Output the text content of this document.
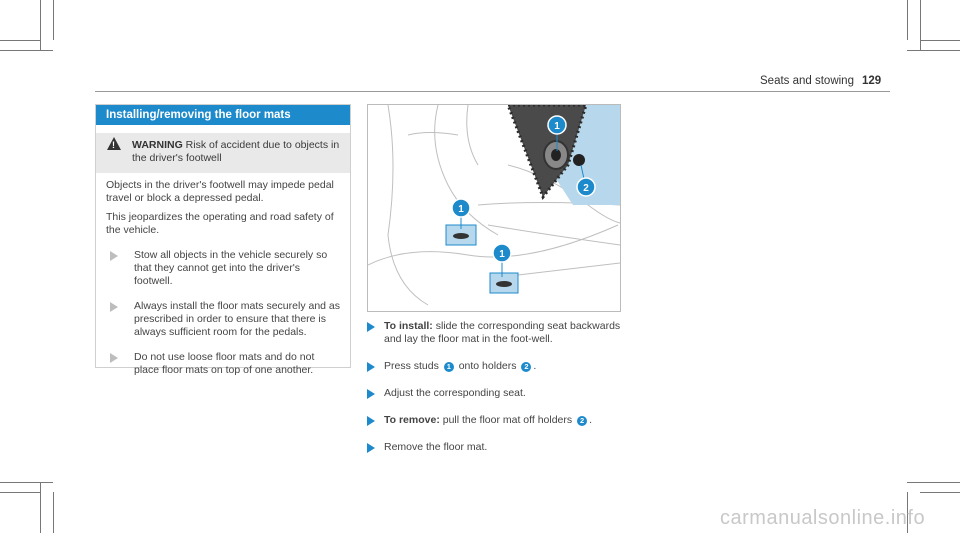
Seats and stowing 129
Installing/removing the floor mats
!
WARNING Risk of accident due to objects in the driver's footwell
Objects in the driver's footwell may impede pedal travel or block a depressed pedal.
This jeopardizes the operating and road safety of the vehicle.
Stow all objects in the vehicle securely so that they cannot get into the driver's footwell.
Always install the floor mats securely and as prescribed in order to ensure that there is always sufficient room for the pedals.
Do not use loose floor mats and do not place floor mats on top of one another.
1
2
1
1
To install: slide the corresponding seat backwards and lay the floor mat in the foot-well.
Press studs 1 onto holders 2 .
Adjust the corresponding seat.
To remove: pull the floor mat off holders 2 .
Remove the floor mat.
carmanualsonline.info
